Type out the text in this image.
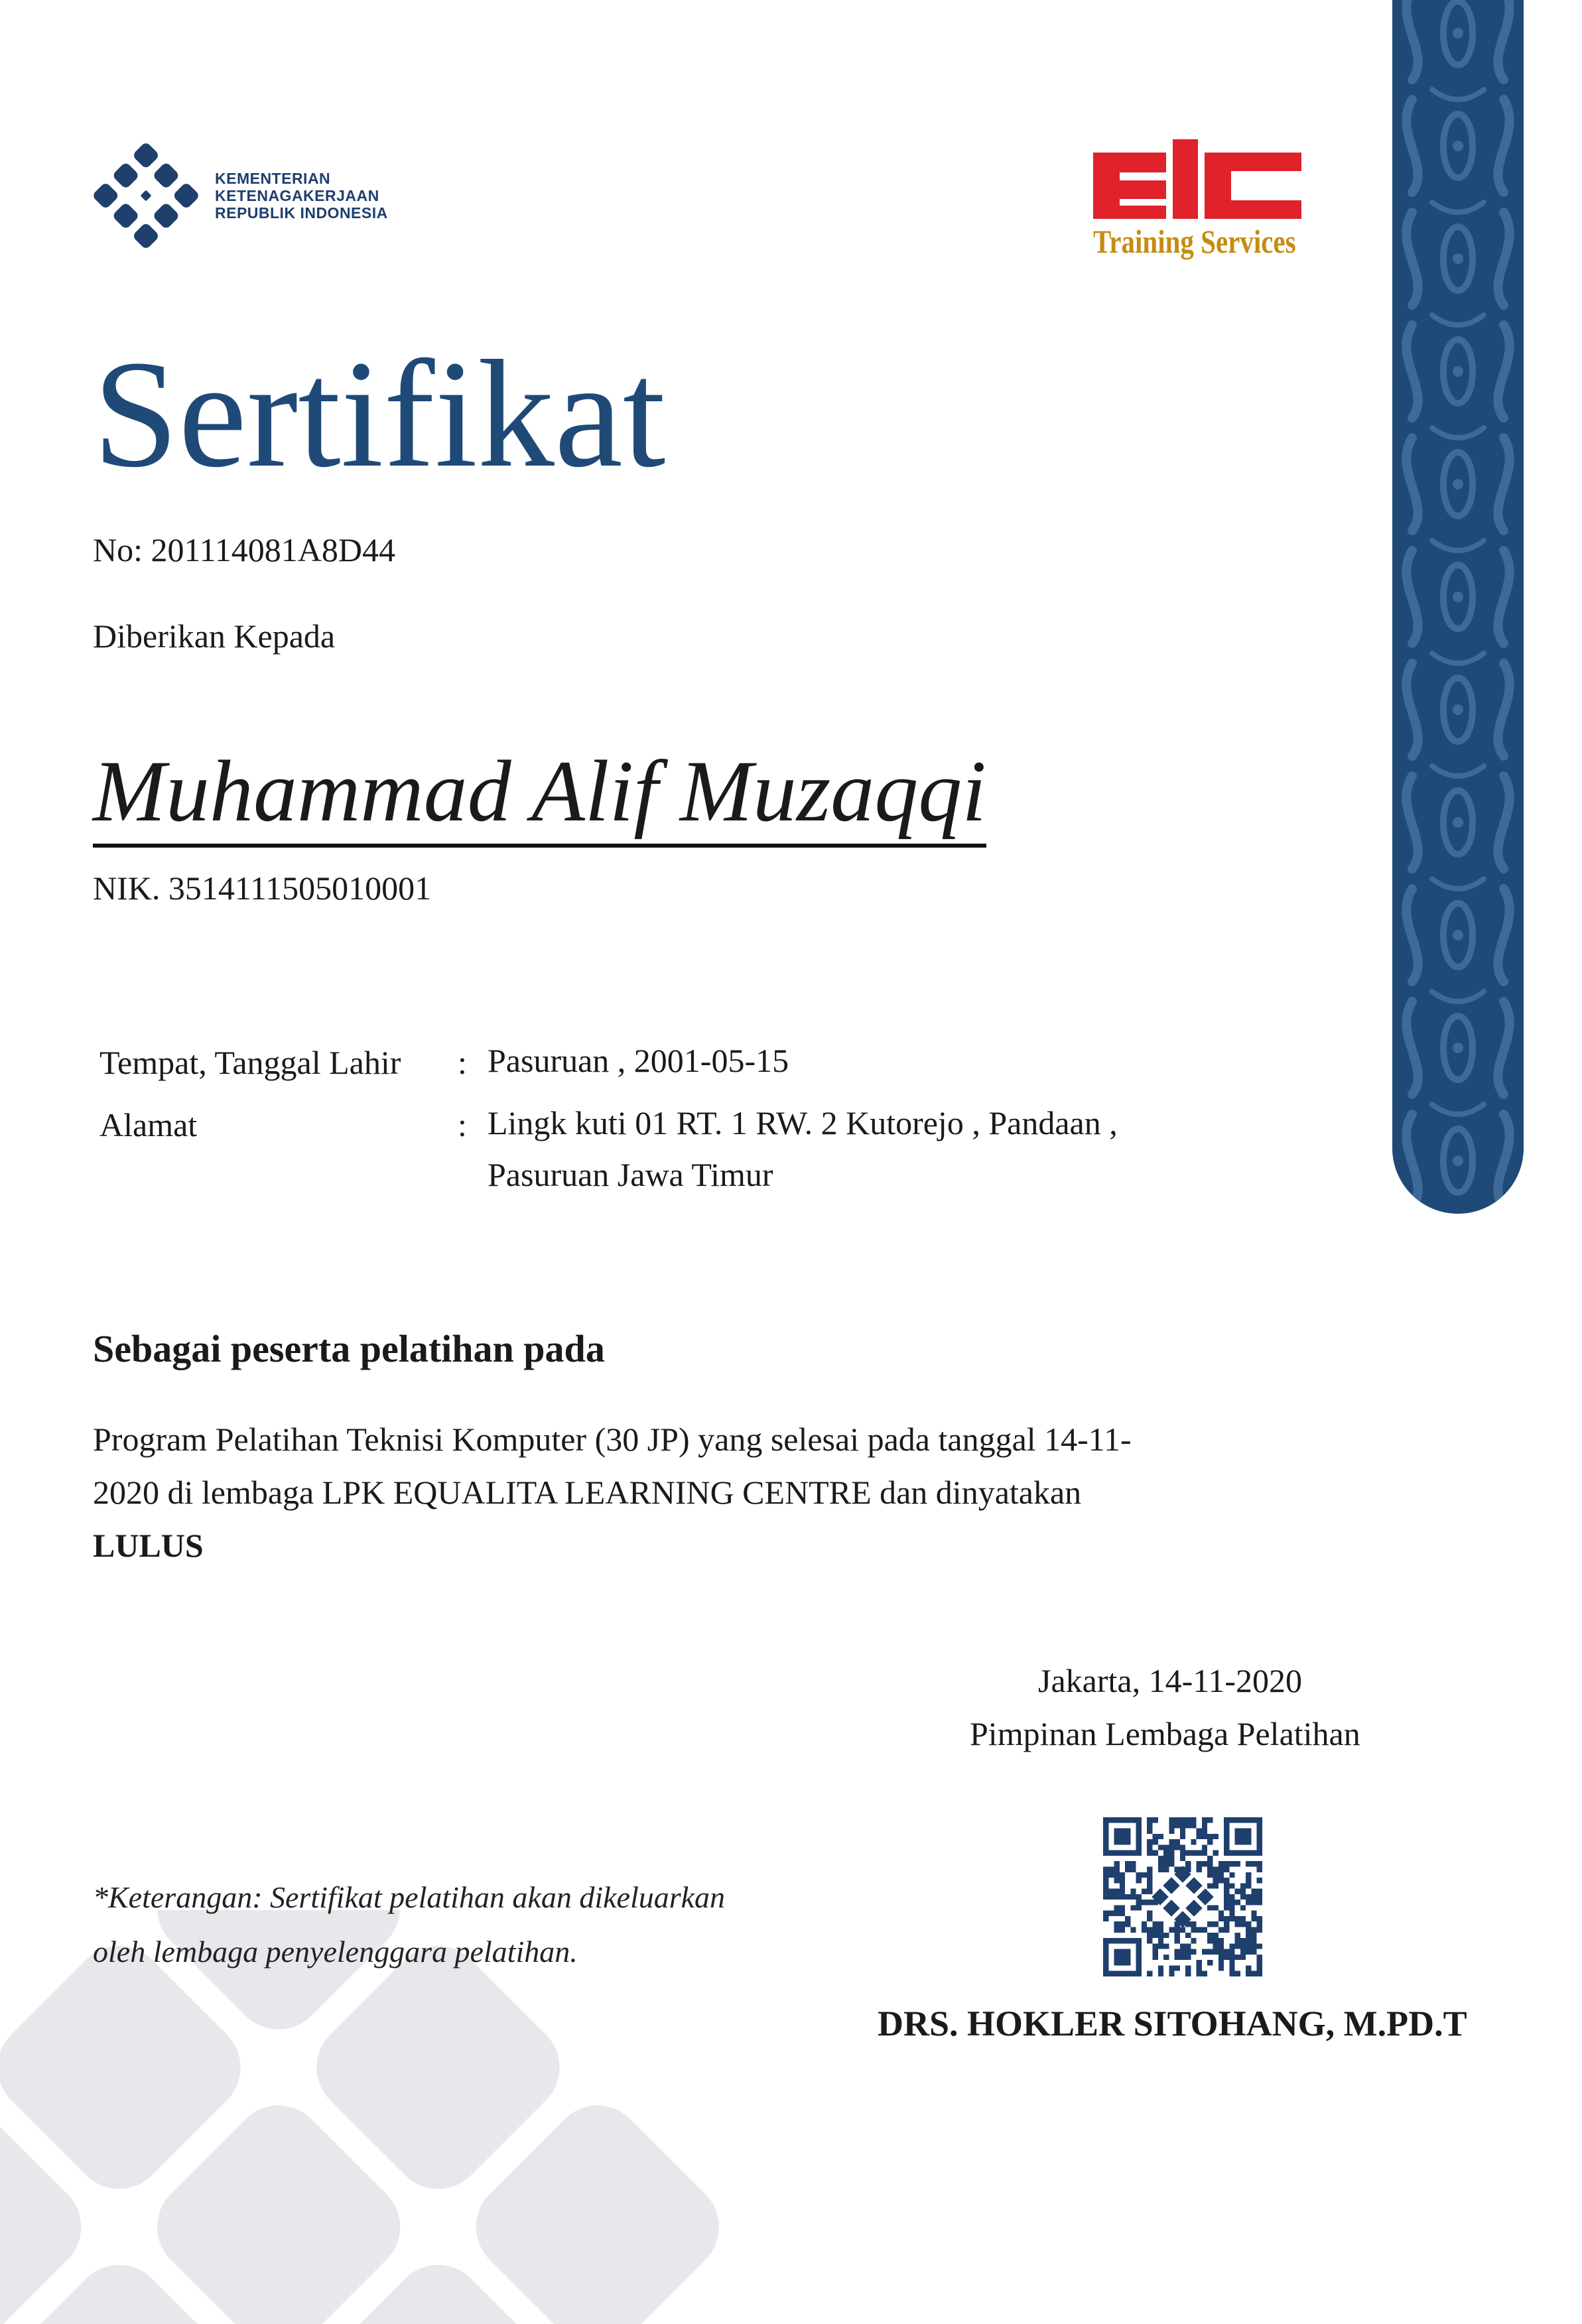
KEMENTERIAN
KETENAGAKERJAAN
REPUBLIK INDONESIA
Training Services
Sertifikat
No: 201114081A8D44
Diberikan Kepada
Muhammad Alif Muzaqqi
NIK. 3514111505010001
Tempat, Tanggal Lahir : Pasuruan , 2001-05-15
Alamat	: Lingk kuti 01 RT. 1 RW. 2 Kutorejo , Pandaan ,
Pasuruan Jawa Timur
Sebagai peserta pelatihan pada
Program Pelatihan Teknisi Komputer (30 JP) yang selesai pada tanggal 14-11-
2020 di lembaga LPK EQUALITA LEARNING CENTRE dan dinyatakan
LULUS
Jakarta, 14-11-2020
Pimpinan Lembaga Pelatihan
DRS. HOKLER SITOHANG, M.PD.T
*Keterangan: Sertifikat pelatihan akan dikeluarkan
oleh lembaga penyelenggara pelatihan.
